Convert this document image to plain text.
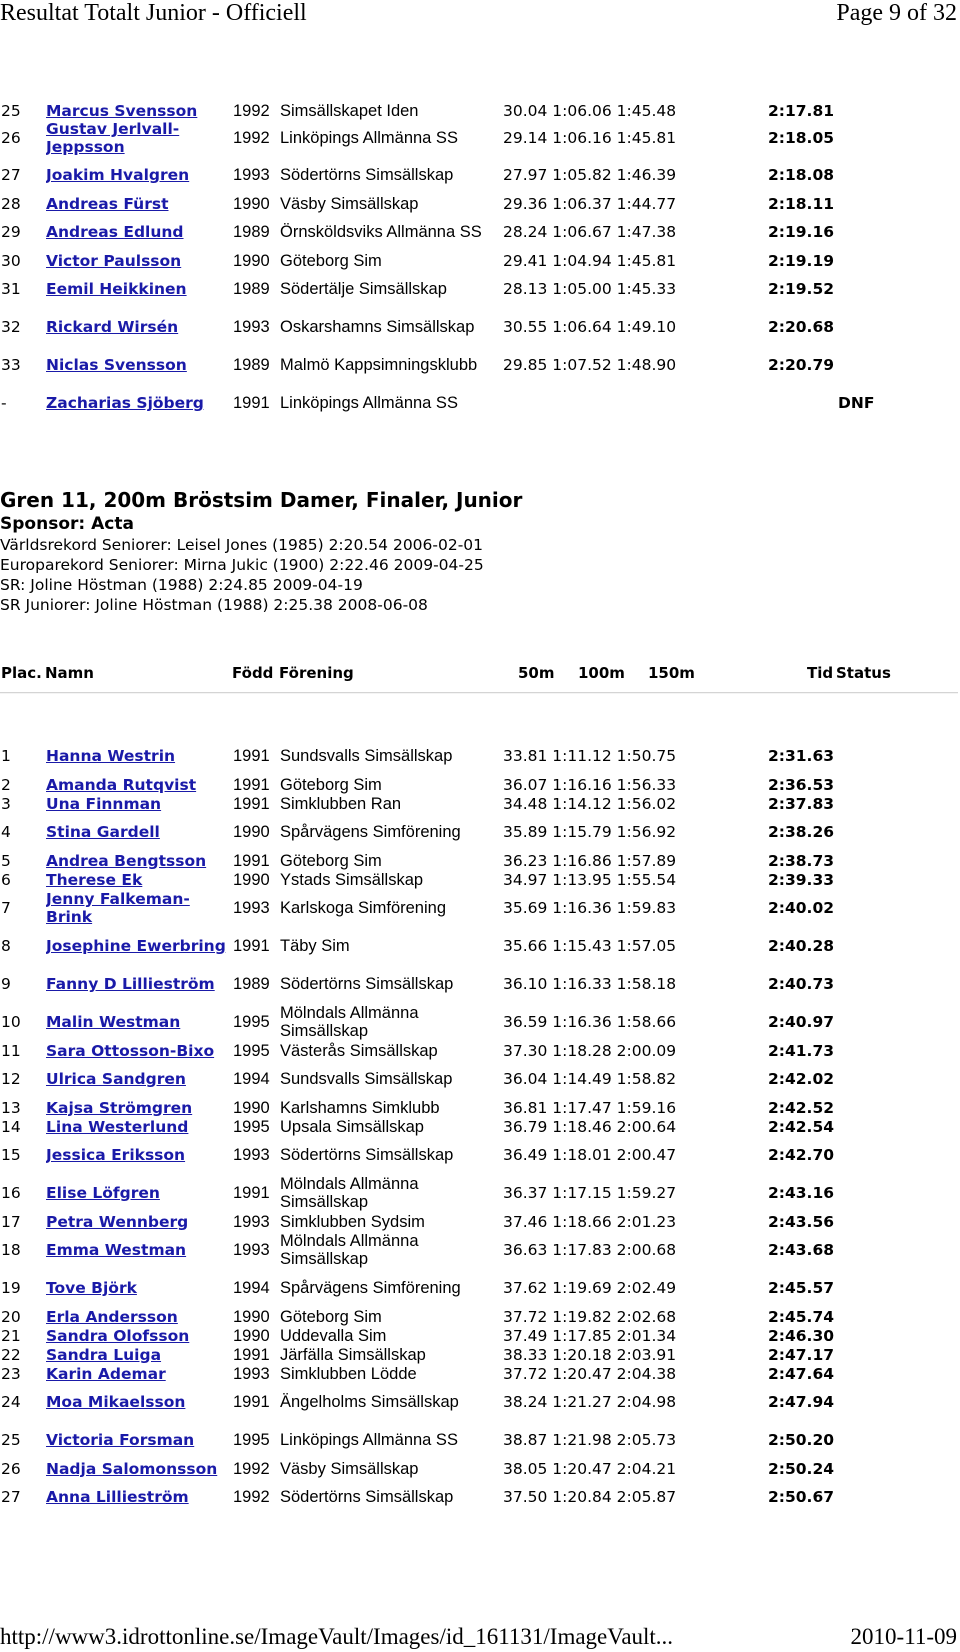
Resultat Totalt Junior - Officiell	Page 9 of 32
25	Marcus Svensson	1992	Simsällskapet Iden	30.04 1:06.06 1:45.48	2:17.81	
26	Gustav Jerlvall-Jeppsson	1992	Linköpings Allmänna SS	29.14 1:06.16 1:45.81	2:18.05	
27	Joakim Hvalgren	1993	Södertörns Simsällskap	27.97 1:05.82 1:46.39	2:18.08	
28	Andreas Fürst	1990	Väsby Simsällskap	29.36 1:06.37 1:44.77	2:18.11	
29	Andreas Edlund	1989	Örnsköldsviks Allmänna SS	28.24 1:06.67 1:47.38	2:19.16	
30	Victor Paulsson	1990	Göteborg Sim	29.41 1:04.94 1:45.81	2:19.19	
31	Eemil Heikkinen	1989	Södertälje Simsällskap	28.13 1:05.00 1:45.33	2:19.52	
32	Rickard Wirsén	1993	Oskarshamns Simsällskap	30.55 1:06.64 1:49.10	2:20.68	
33	Niclas Svensson	1989	Malmö Kappsimningsklubb	29.85 1:07.52 1:48.90	2:20.79	
-	Zacharias Sjöberg	1991	Linköpings Allmänna SS			DNF
Gren 11, 200m Bröstsim Damer, Finaler, Junior
Sponsor: Acta
Världsrekord Seniorer: Leisel Jones (1985) 2:20.54 2006-02-01
Europarekord Seniorer: Mirna Jukic (1900) 2:22.46 2009-04-25
SR: Joline Höstman (1988) 2:24.85 2009-04-19
SR Juniorer: Joline Höstman (1988) 2:25.38 2008-06-08
Plac. Namn	Född Förening	50m 100m 150m	Tid Status
1	Hanna Westrin	1991	Sundsvalls Simsällskap	33.81 1:11.12 1:50.75	2:31.63	
2	Amanda Rutqvist	1991	Göteborg Sim	36.07 1:16.16 1:56.33	2:36.53	
3	Una Finnman	1991	Simklubben Ran	34.48 1:14.12 1:56.02	2:37.83	
4	Stina Gardell	1990	Spårvägens Simförening	35.89 1:15.79 1:56.92	2:38.26	
5	Andrea Bengtsson	1991	Göteborg Sim	36.23 1:16.86 1:57.89	2:38.73	
6	Therese Ek	1990	Ystads Simsällskap	34.97 1:13.95 1:55.54	2:39.33	
7	Jenny Falkeman-Brink	1993	Karlskoga Simförening	35.69 1:16.36 1:59.83	2:40.02	
8	Josephine Ewerbring	1991	Täby Sim	35.66 1:15.43 1:57.05	2:40.28	
9	Fanny D Lillieström	1989	Södertörns Simsällskap	36.10 1:16.33 1:58.18	2:40.73	
10	Malin Westman	1995	Mölndals Allmänna Simsällskap	36.59 1:16.36 1:58.66	2:40.97	
11	Sara Ottosson-Bixo	1995	Västerås Simsällskap	37.30 1:18.28 2:00.09	2:41.73	
12	Ulrica Sandgren	1994	Sundsvalls Simsällskap	36.04 1:14.49 1:58.82	2:42.02	
13	Kajsa Strömgren	1990	Karlshamns Simklubb	36.81 1:17.47 1:59.16	2:42.52	
14	Lina Westerlund	1995	Upsala Simsällskap	36.79 1:18.46 2:00.64	2:42.54	
15	Jessica Eriksson	1993	Södertörns Simsällskap	36.49 1:18.01 2:00.47	2:42.70	
16	Elise Löfgren	1991	Mölndals Allmänna Simsällskap	36.37 1:17.15 1:59.27	2:43.16	
17	Petra Wennberg	1993	Simklubben Sydsim	37.46 1:18.66 2:01.23	2:43.56	
18	Emma Westman	1993	Mölndals Allmänna Simsällskap	36.63 1:17.83 2:00.68	2:43.68	
19	Tove Björk	1994	Spårvägens Simförening	37.62 1:19.69 2:02.49	2:45.57	
20	Erla Andersson	1990	Göteborg Sim	37.72 1:19.82 2:02.68	2:45.74	
21	Sandra Olofsson	1990	Uddevalla Sim	37.49 1:17.85 2:01.34	2:46.30	
22	Sandra Luiga	1991	Järfälla Simsällskap	38.33 1:20.18 2:03.91	2:47.17	
23	Karin Ademar	1993	Simklubben Lödde	37.72 1:20.47 2:04.38	2:47.64	
24	Moa Mikaelsson	1991	Ängelholms Simsällskap	38.24 1:21.27 2:04.98	2:47.94	
25	Victoria Forsman	1995	Linköpings Allmänna SS	38.87 1:21.98 2:05.73	2:50.20	
26	Nadja Salomonsson	1992	Väsby Simsällskap	38.05 1:20.47 2:04.21	2:50.24	
27	Anna Lillieström	1992	Södertörns Simsällskap	37.50 1:20.84 2:05.87	2:50.67	
http://www3.idrottonline.se/ImageVault/Images/id_161131/ImageVault...	2010-11-09
